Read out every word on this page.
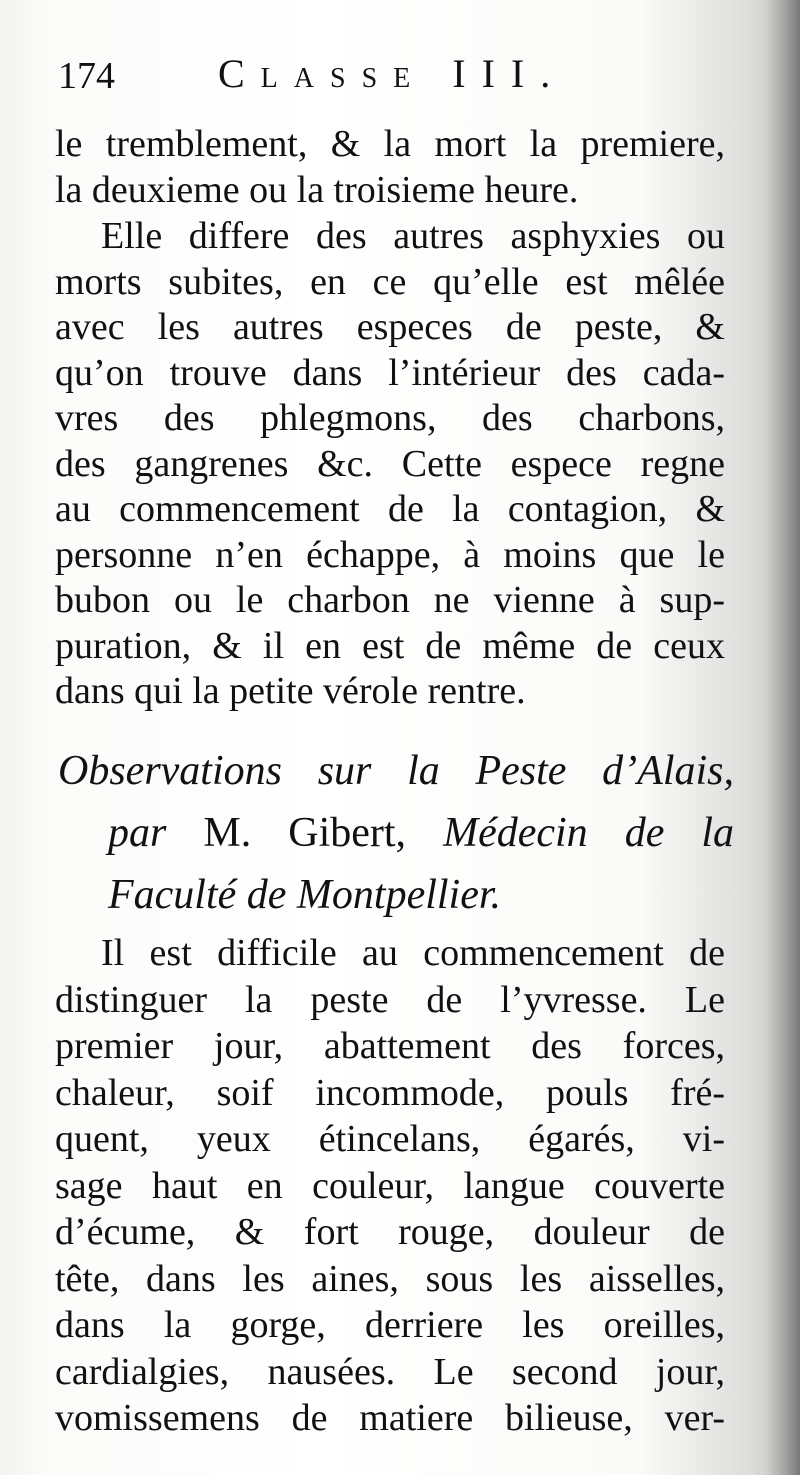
174	Classe III.
le tremblement, & la mort la premiere,
la deuxieme ou la troisieme heure.
Elle differe des autres asphyxies ou
morts subites, en ce qu’elle est mêlée
avec les autres especes de peste, &
qu’on trouve dans l’intérieur des cada-
vres des phlegmons, des charbons,
des gangrenes &c. Cette espece regne
au commencement de la contagion, &
personne n’en échappe, à moins que le
bubon ou le charbon ne vienne à sup-
puration, & il en est de même de ceux
dans qui la petite vérole rentre.
Observations sur la Peste d’Alais,
par M. Gibert, Médecin de la
Faculté de Montpellier.
Il est difficile au commencement de
distinguer la peste de l’yvresse. Le
premier jour, abattement des forces,
chaleur, soif incommode, pouls fré-
quent, yeux étincelans, égarés, vi-
sage haut en couleur, langue couverte
d’écume, & fort rouge, douleur de
tête, dans les aines, sous les aisselles,
dans la gorge, derriere les oreilles,
cardialgies, nausées. Le second jour,
vomissemens de matiere bilieuse, ver-
